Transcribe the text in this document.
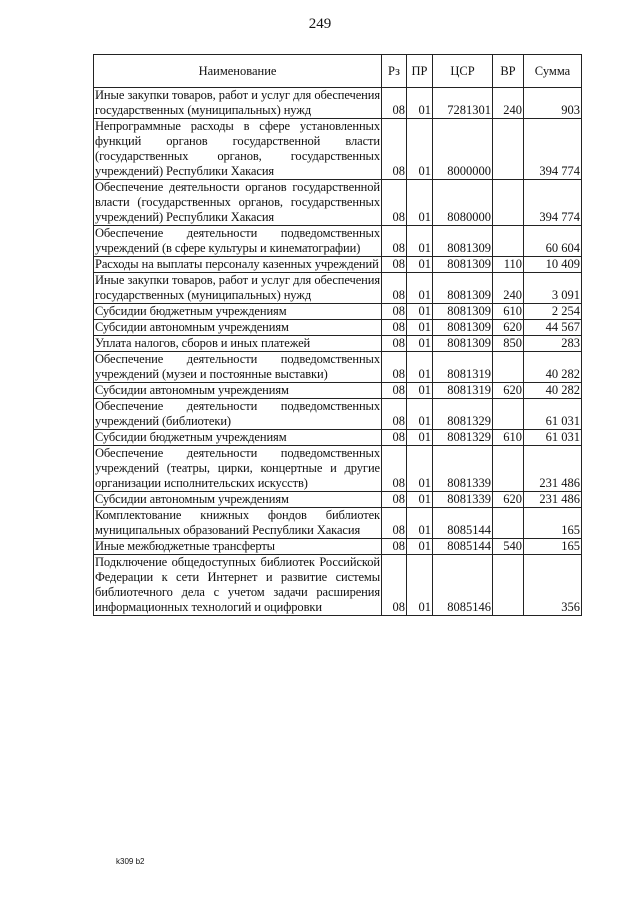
249
Наименование	Рз	ПР	ЦСР	ВР	Сумма
Иные закупки товаров, работ и услуг для обеспечения государственных (муниципальных) нужд	08	01	7281301	240	903
Непрограммные расходы в сфере установленных функций органов государственной власти (государственных органов, государственных учреждений) Республики Хакасия	08	01	8000000		394 774
Обеспечение деятельности органов государственной власти (государственных органов, государственных учреждений) Республики Хакасия	08	01	8080000		394 774
Обеспечение деятельности подведомственных учреждений (в сфере культуры и кинематографии)	08	01	8081309		60 604
Расходы на выплаты персоналу казенных учреждений	08	01	8081309	110	10 409
Иные закупки товаров, работ и услуг для обеспечения государственных (муниципальных) нужд	08	01	8081309	240	3 091
Субсидии бюджетным учреждениям	08	01	8081309	610	2 254
Субсидии автономным учреждениям	08	01	8081309	620	44 567
Уплата налогов, сборов и иных платежей	08	01	8081309	850	283
Обеспечение деятельности подведомственных учреждений (музеи и постоянные выставки)	08	01	8081319		40 282
Субсидии автономным учреждениям	08	01	8081319	620	40 282
Обеспечение деятельности подведомственных учреждений (библиотеки)	08	01	8081329		61 031
Субсидии бюджетным учреждениям	08	01	8081329	610	61 031
Обеспечение деятельности подведомственных учреждений (театры, цирки, концертные и другие организации исполнительских искусств)	08	01	8081339		231 486
Субсидии автономным учреждениям	08	01	8081339	620	231 486
Комплектование книжных фондов библиотек муниципальных образований Республики Хакасия	08	01	8085144		165
Иные межбюджетные трансферты	08	01	8085144	540	165
Подключение общедоступных библиотек Российской Федерации к сети Интернет и развитие системы библиотечного дела с учетом задачи расширения информационных технологий и оцифровки	08	01	8085146		356
k309 b2
